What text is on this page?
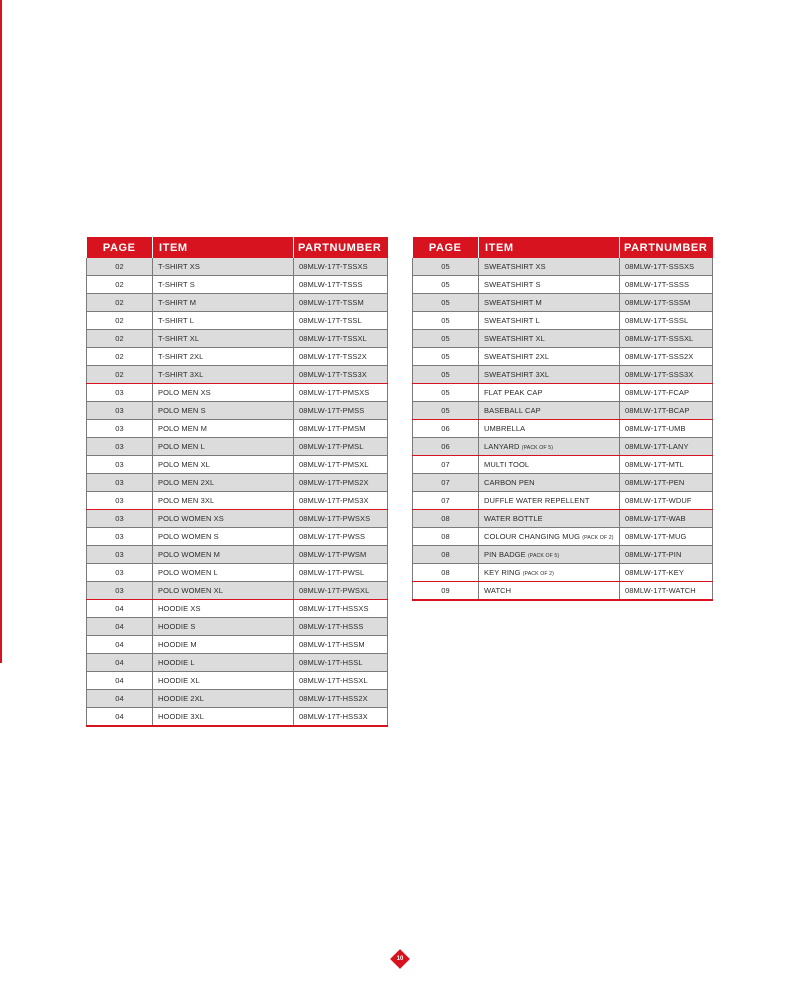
PAGE	ITEM	PARTNUMBER
02	T-SHIRT XS	08MLW-17T-TSSXS
02	T-SHIRT S	08MLW-17T-TSSS
02	T-SHIRT M	08MLW-17T-TSSM
02	T-SHIRT L	08MLW-17T-TSSL
02	T-SHIRT XL	08MLW-17T-TSSXL
02	T-SHIRT 2XL	08MLW-17T-TSS2X
02	T-SHIRT 3XL	08MLW-17T-TSS3X
03	POLO MEN XS	08MLW-17T-PMSXS
03	POLO MEN S	08MLW-17T-PMSS
03	POLO MEN M	08MLW-17T-PMSM
03	POLO MEN L	08MLW-17T-PMSL
03	POLO MEN XL	08MLW-17T-PMSXL
03	POLO MEN 2XL	08MLW-17T-PMS2X
03	POLO MEN 3XL	08MLW-17T-PMS3X
03	POLO WOMEN XS	08MLW-17T-PWSXS
03	POLO WOMEN S	08MLW-17T-PWSS
03	POLO WOMEN M	08MLW-17T-PWSM
03	POLO WOMEN L	08MLW-17T-PWSL
03	POLO WOMEN XL	08MLW-17T-PWSXL
04	HOODIE XS	08MLW-17T-HSSXS
04	HOODIE S	08MLW-17T-HSSS
04	HOODIE M	08MLW-17T-HSSM
04	HOODIE L	08MLW-17T-HSSL
04	HOODIE XL	08MLW-17T-HSSXL
04	HOODIE 2XL	08MLW-17T-HSS2X
04	HOODIE 3XL	08MLW-17T-HSS3X
PAGE	ITEM	PARTNUMBER
05	SWEATSHIRT XS	08MLW-17T-SSSXS
05	SWEATSHIRT S	08MLW-17T-SSSS
05	SWEATSHIRT M	08MLW-17T-SSSM
05	SWEATSHIRT L	08MLW-17T-SSSL
05	SWEATSHIRT XL	08MLW-17T-SSSXL
05	SWEATSHIRT 2XL	08MLW-17T-SSS2X
05	SWEATSHIRT 3XL	08MLW-17T-SSS3X
05	FLAT PEAK CAP	08MLW-17T-FCAP
05	BASEBALL CAP	08MLW-17T-BCAP
06	UMBRELLA	08MLW-17T-UMB
06	LANYARD (PACK OF 5)	08MLW-17T-LANY
07	MULTI TOOL	08MLW-17T-MTL
07	CARBON PEN	08MLW-17T-PEN
07	DUFFLE WATER REPELLENT	08MLW-17T-WDUF
08	WATER BOTTLE	08MLW-17T-WAB
08	COLOUR CHANGING MUG (PACK OF 2)	08MLW-17T-MUG
08	PIN BADGE (PACK OF 5)	08MLW-17T-PIN
08	KEY RING (PACK OF 2)	08MLW-17T-KEY
09	WATCH	08MLW-17T-WATCH
10
